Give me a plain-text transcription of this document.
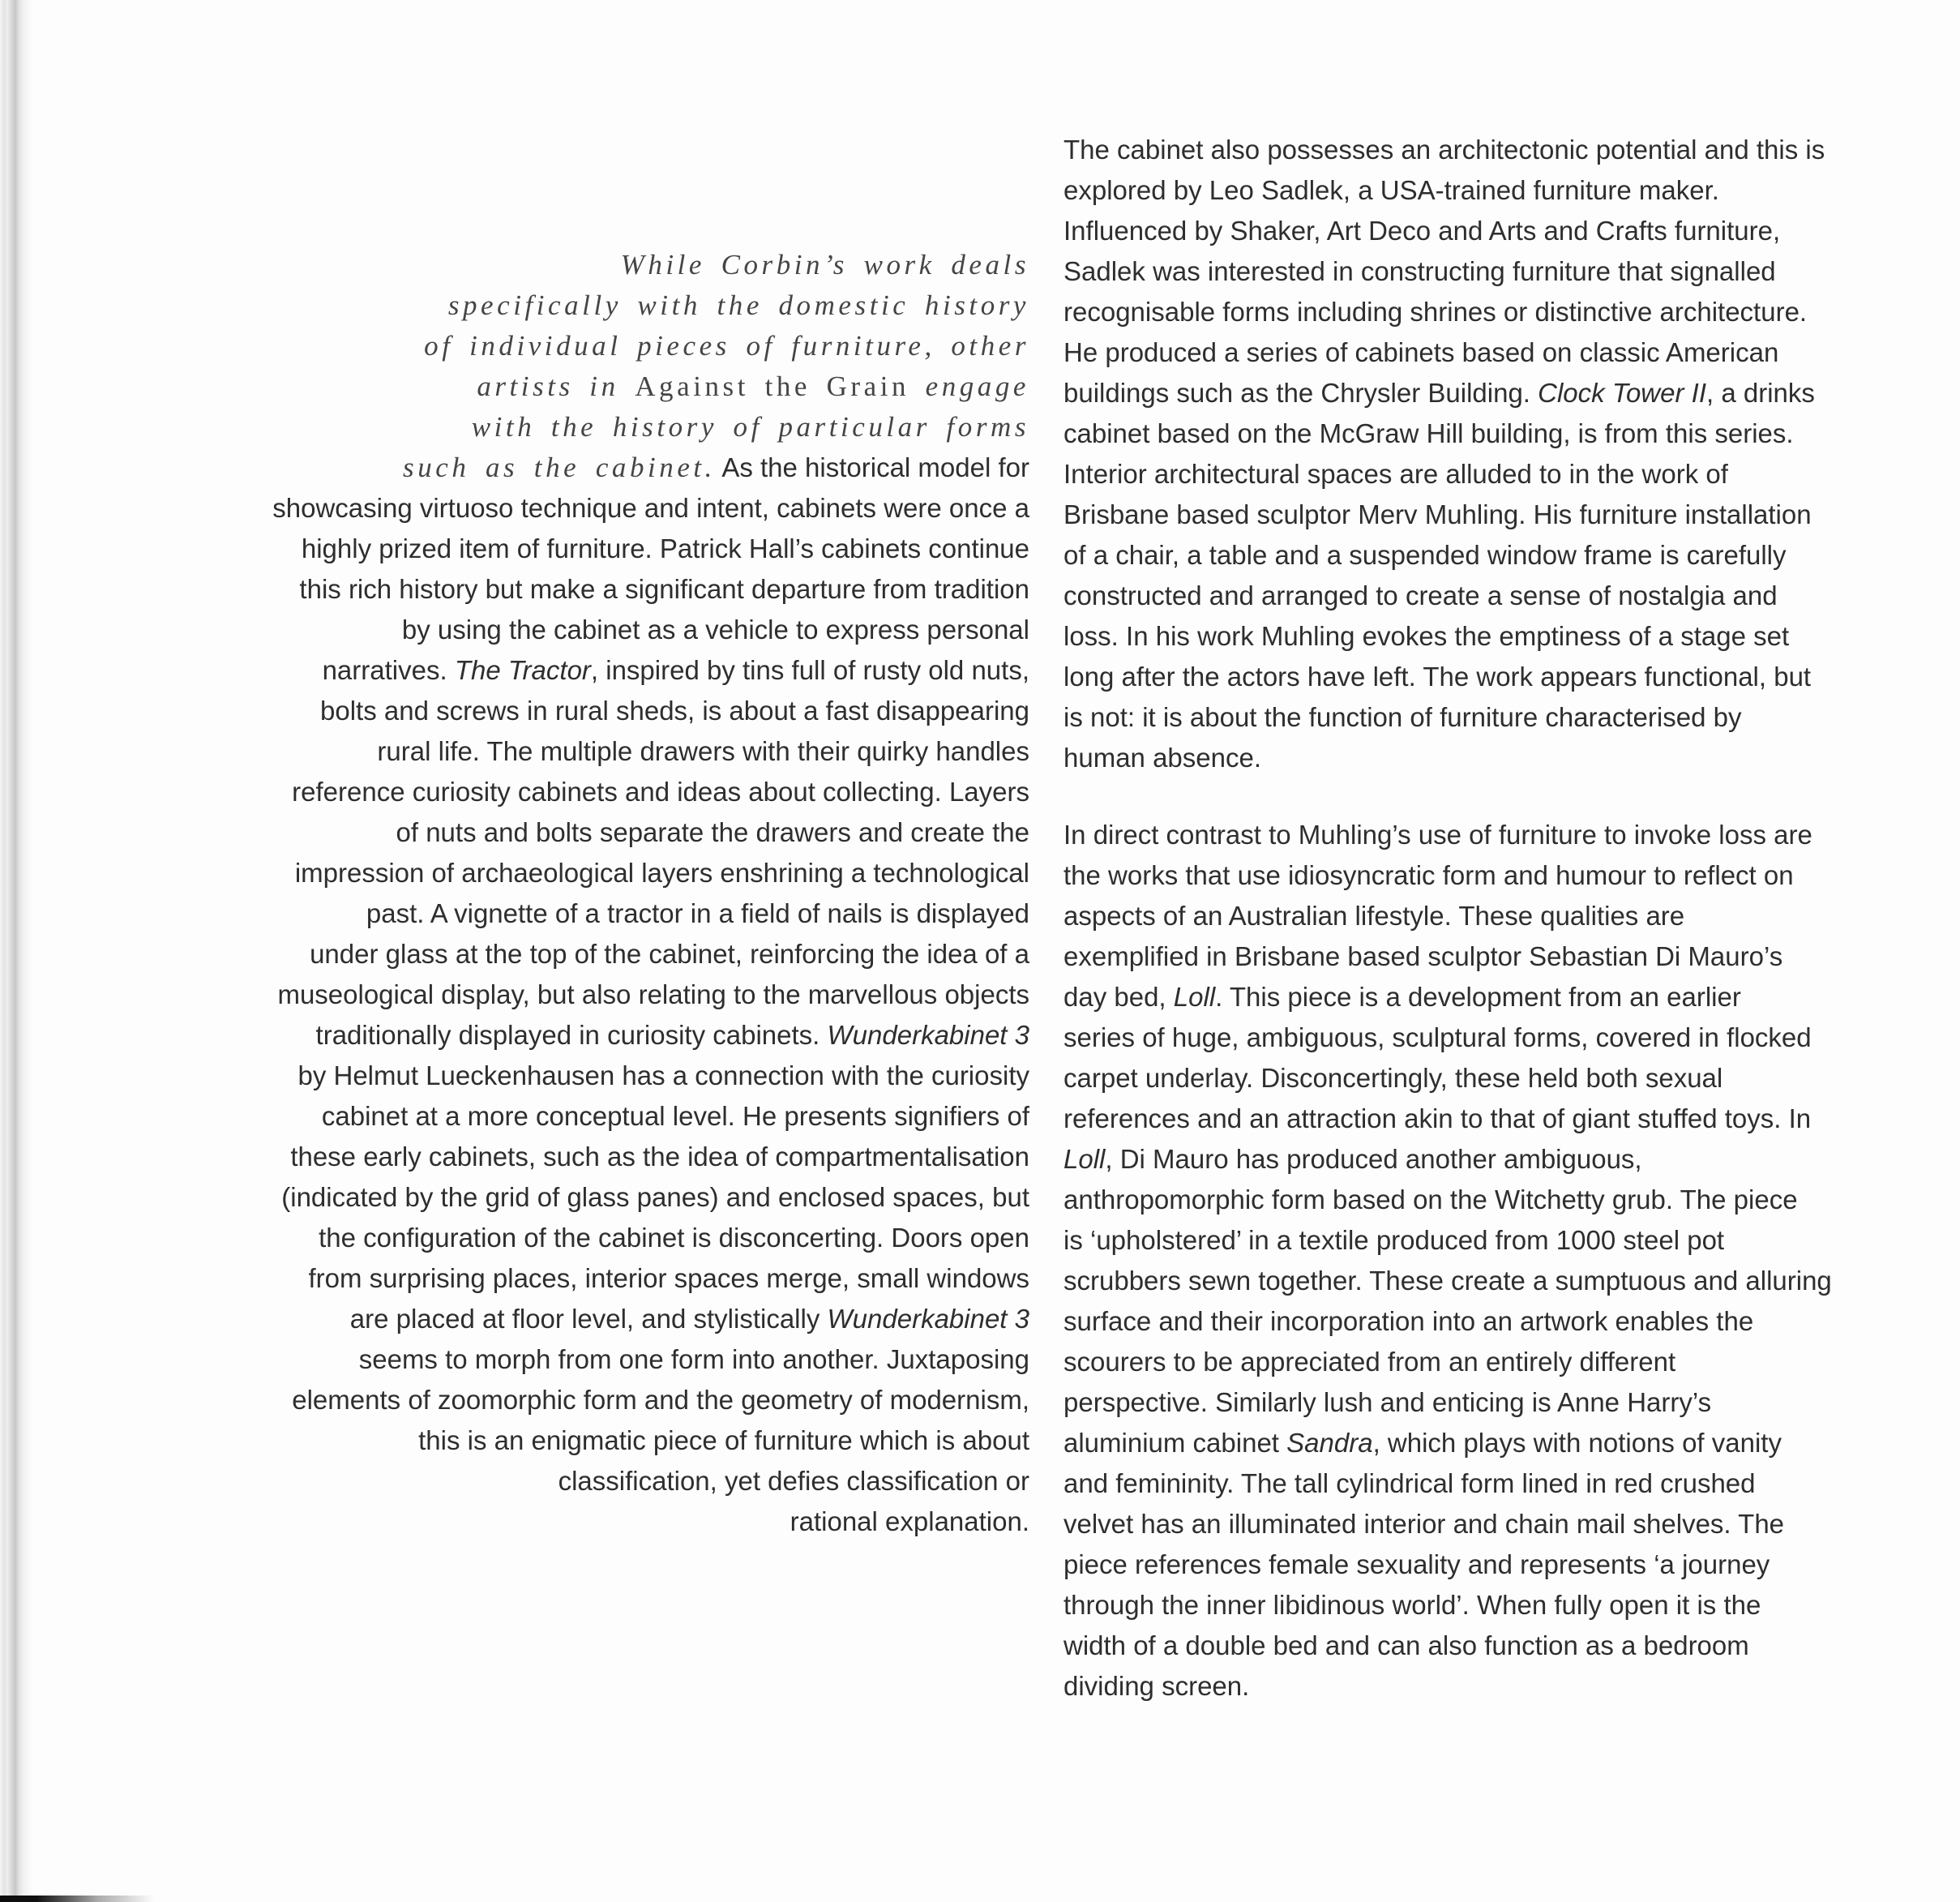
While Corbin’s work deals
specifically with the domestic history
of individual pieces of furniture, other
artists in Against the Grain engage
with the history of particular forms
such as the cabinet. As the historical model for
showcasing virtuoso technique and intent, cabinets were once a
highly prized item of furniture. Patrick Hall’s cabinets continue
this rich history but make a significant departure from tradition
by using the cabinet as a vehicle to express personal
narratives. The Tractor, inspired by tins full of rusty old nuts,
bolts and screws in rural sheds, is about a fast disappearing
rural life. The multiple drawers with their quirky handles
reference curiosity cabinets and ideas about collecting. Layers
of nuts and bolts separate the drawers and create the
impression of archaeological layers enshrining a technological
past. A vignette of a tractor in a field of nails is displayed
under glass at the top of the cabinet, reinforcing the idea of a
museological display, but also relating to the marvellous objects
traditionally displayed in curiosity cabinets. Wunderkabinet 3
by Helmut Lueckenhausen has a connection with the curiosity
cabinet at a more conceptual level. He presents signifiers of
these early cabinets, such as the idea of compartmentalisation
(indicated by the grid of glass panes) and enclosed spaces, but
the configuration of the cabinet is disconcerting. Doors open
from surprising places, interior spaces merge, small windows
are placed at floor level, and stylistically Wunderkabinet 3
seems to morph from one form into another. Juxtaposing
elements of zoomorphic form and the geometry of modernism,
this is an enigmatic piece of furniture which is about
classification, yet defies classification or
rational explanation.
The cabinet also possesses an architectonic potential and this is
explored by Leo Sadlek, a USA-trained furniture maker.
Influenced by Shaker, Art Deco and Arts and Crafts furniture,
Sadlek was interested in constructing furniture that signalled
recognisable forms including shrines or distinctive architecture.
He produced a series of cabinets based on classic American
buildings such as the Chrysler Building. Clock Tower II, a drinks
cabinet based on the McGraw Hill building, is from this series.
Interior architectural spaces are alluded to in the work of
Brisbane based sculptor Merv Muhling. His furniture installation
of a chair, a table and a suspended window frame is carefully
constructed and arranged to create a sense of nostalgia and
loss. In his work Muhling evokes the emptiness of a stage set
long after the actors have left. The work appears functional, but
is not: it is about the function of furniture characterised by
human absence.
In direct contrast to Muhling’s use of furniture to invoke loss are
the works that use idiosyncratic form and humour to reflect on
aspects of an Australian lifestyle. These qualities are
exemplified in Brisbane based sculptor Sebastian Di Mauro’s
day bed, Loll. This piece is a development from an earlier
series of huge, ambiguous, sculptural forms, covered in flocked
carpet underlay. Disconcertingly, these held both sexual
references and an attraction akin to that of giant stuffed toys. In
Loll, Di Mauro has produced another ambiguous,
anthropomorphic form based on the Witchetty grub. The piece
is ‘upholstered’ in a textile produced from 1000 steel pot
scrubbers sewn together. These create a sumptuous and alluring
surface and their incorporation into an artwork enables the
scourers to be appreciated from an entirely different
perspective. Similarly lush and enticing is Anne Harry’s
aluminium cabinet Sandra, which plays with notions of vanity
and femininity. The tall cylindrical form lined in red crushed
velvet has an illuminated interior and chain mail shelves. The
piece references female sexuality and represents ‘a journey
through the inner libidinous world’. When fully open it is the
width of a double bed and can also function as a bedroom
dividing screen.
